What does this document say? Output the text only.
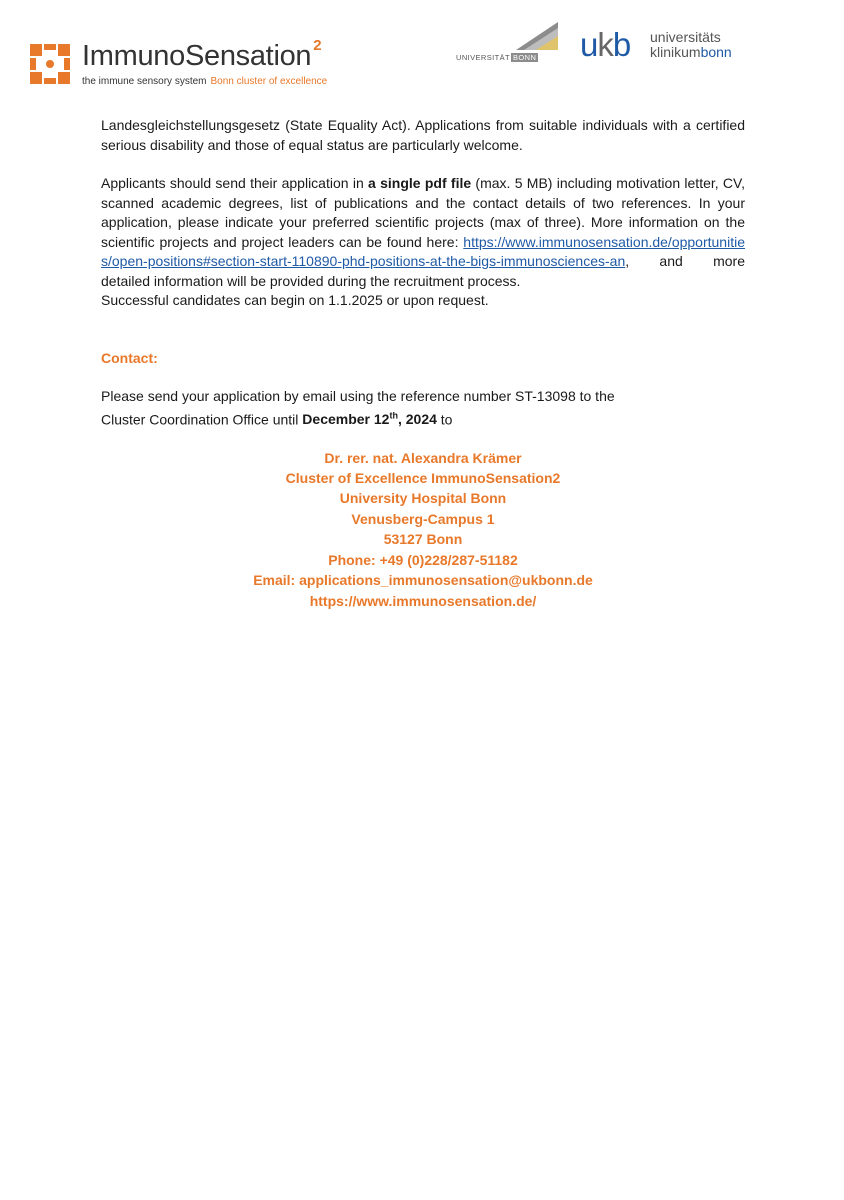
ImmunoSensation $^2$
the immune sensory system Bonn cluster of excellence
UNIVERSITÄT BONN ukb universitäts
klinikumbonn

Landesgleichstellungsgesetz (State Equality Act). Applications from suitable individuals with a certified serious disability and those of equal status are particularly welcome.

Applicants should send their application in a single pdf file (max. 5 MB) including motivation letter, CV, scanned academic degrees, list of publications and the contact details of two references. In your application, please indicate your preferred scientific projects (max of three). More information on the scientific projects and project leaders can be found here: https://www.immunosensation.de/opportunities/open-positions#section-start-110890-phd-positions-at-the-bigs-immunosciences-an, and more detailed information will be provided during the recruitment process.

Successful candidates can begin on 1.1.2025 or upon request.

Contact:

Please send your application by email using the reference number ST-13098 to the
Cluster Coordination Office until December 12th, 2024 to

Dr. rer. nat. Alexandra Krämer
Cluster of Excellence ImmunoSensation2
University Hospital Bonn
Venusberg-Campus 1
53127 Bonn
Phone: +49 (0)228/287-51182
Email: applications_immunosensation@ukbonn.de
https://www.immunosensation.de/
